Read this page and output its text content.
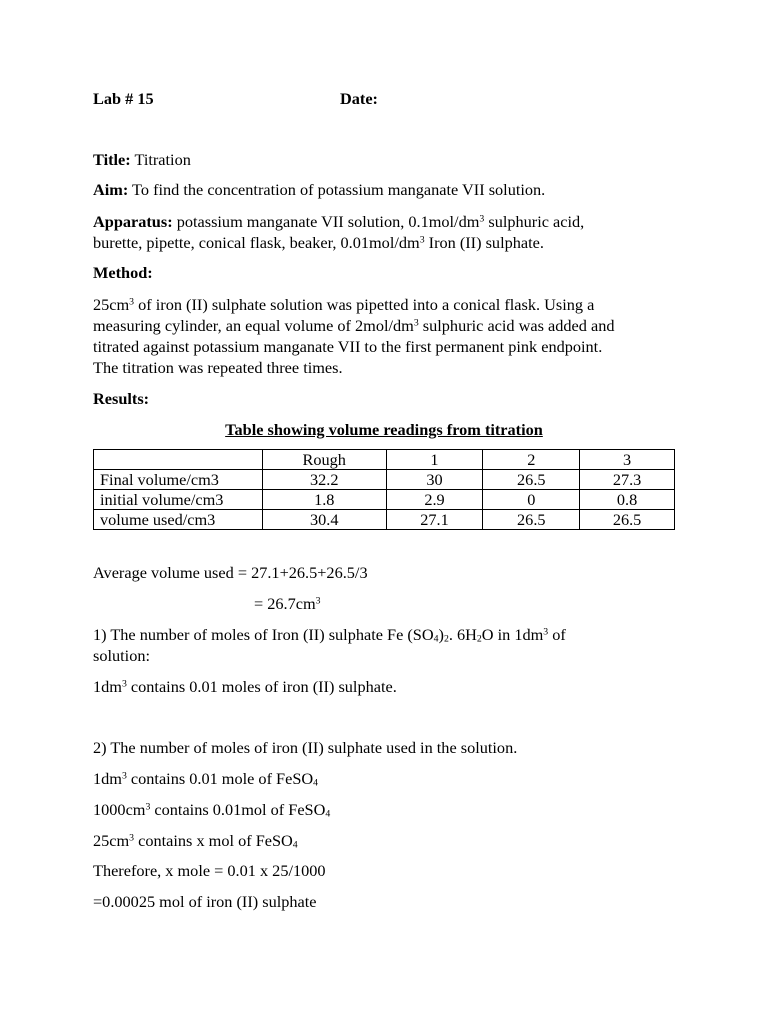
Lab # 15	Date:
Title: Titration
Aim: To find the concentration of potassium manganate VII solution.
Apparatus: potassium manganate VII solution, $0.1mol/dm^3$ sulphuric acid,
burette, pipette, conical flask, beaker, $0.01mol/dm^3$ Iron (II) sulphate.
Method:
$25cm^3$ of iron (II) sulphate solution was pipetted into a conical flask. Using a
measuring cylinder, an equal volume of $2mol/dm^3$ sulphuric acid was added and
titrated against potassium manganate VII to the first permanent pink endpoint.
The titration was repeated three times.
Results:
Table showing volume readings from titration
	Rough	1	2	3
Final volume/cm3	32.2	30	26.5	27.3
initial volume/cm3	1.8	2.9	0	0.8
volume used/cm3	30.4	27.1	26.5	26.5
Average volume used = 27.1+26.5+26.5/3
= $26.7cm^3$
1) The number of moles of Iron (II) sulphate Fe $(SO_4)_2$. $6H_2O$ in $1dm^3$ of
solution:
$1dm^3$ contains 0.01 moles of iron (II) sulphate.
2) The number of moles of iron (II) sulphate used in the solution.
$1dm^3$ contains 0.01 mole of FeSO$_4$
$1000cm^3$ contains 0.01mol of FeSO$_4$
$25cm^3$ contains x mol of FeSO$_4$
Therefore, x mole = 0.01 x 25/1000
=0.00025 mol of iron (II) sulphate
